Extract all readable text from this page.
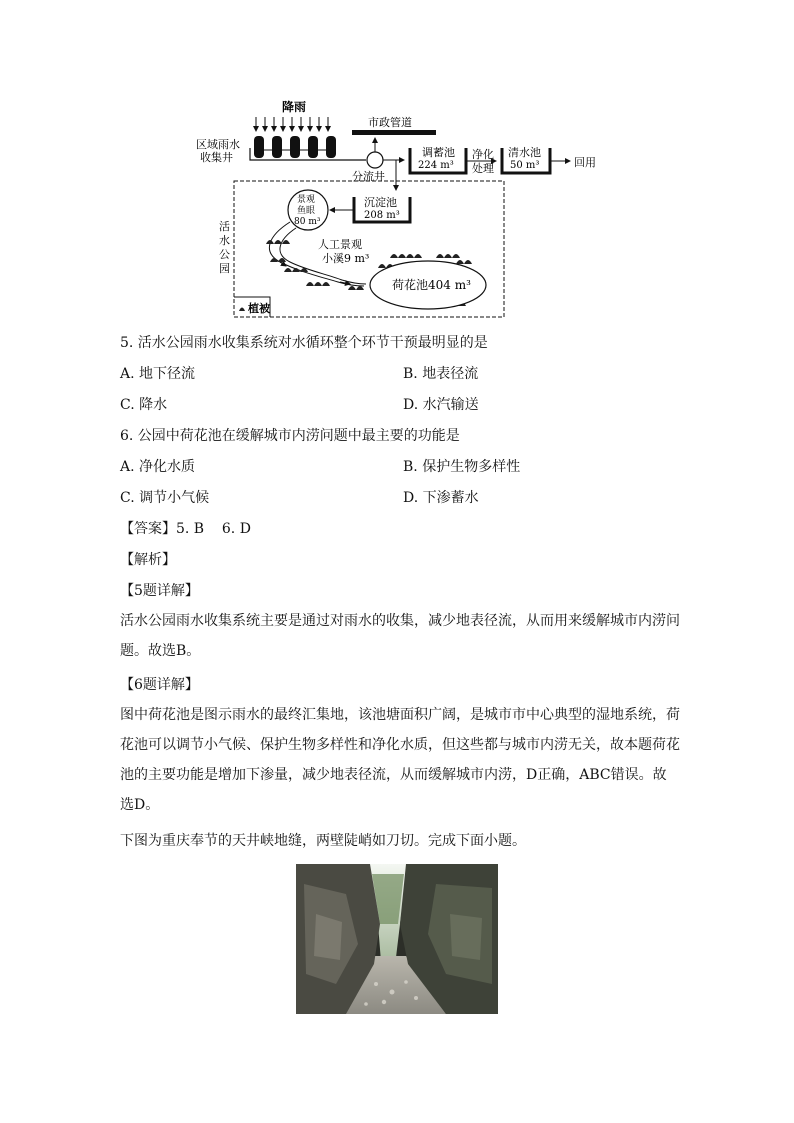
降雨
区域雨水
收集井
市政管道
分流井
调蓄池
224 m³
净化
处理
清水池
50 m³	回用
活
水
公
园
沉淀池
208 m³
景观
鱼眼
80 m³
人工景观
小溪9 m³
荷花池404 m³
植被
5. 活水公园雨水收集系统对水循环整个环节干预最明显的是
A. 地下径流	B. 地表径流
C. 降水	D. 水汽输送
6. 公园中荷花池在缓解城市内涝问题中最主要的功能是
A. 净化水质	B. 保护生物多样性
C. 调节小气候	D. 下渗蓄水
【答案】5. B    6. D
【解析】
【5题详解】
活水公园雨水收集系统主要是通过对雨水的收集，减少地表径流，从而用来缓解城市内涝问题。故选B。
【6题详解】
图中荷花池是图示雨水的最终汇集地，该池塘面积广阔，是城市市中心典型的湿地系统，荷花池可以调节小气候、保护生物多样性和净化水质，但这些都与城市内涝无关，故本题荷花池的主要功能是增加下渗量，减少地表径流，从而缓解城市内涝，D正确，ABC错误。故选D。
下图为重庆奉节的天井峡地缝，两壁陡峭如刀切。完成下面小题。
